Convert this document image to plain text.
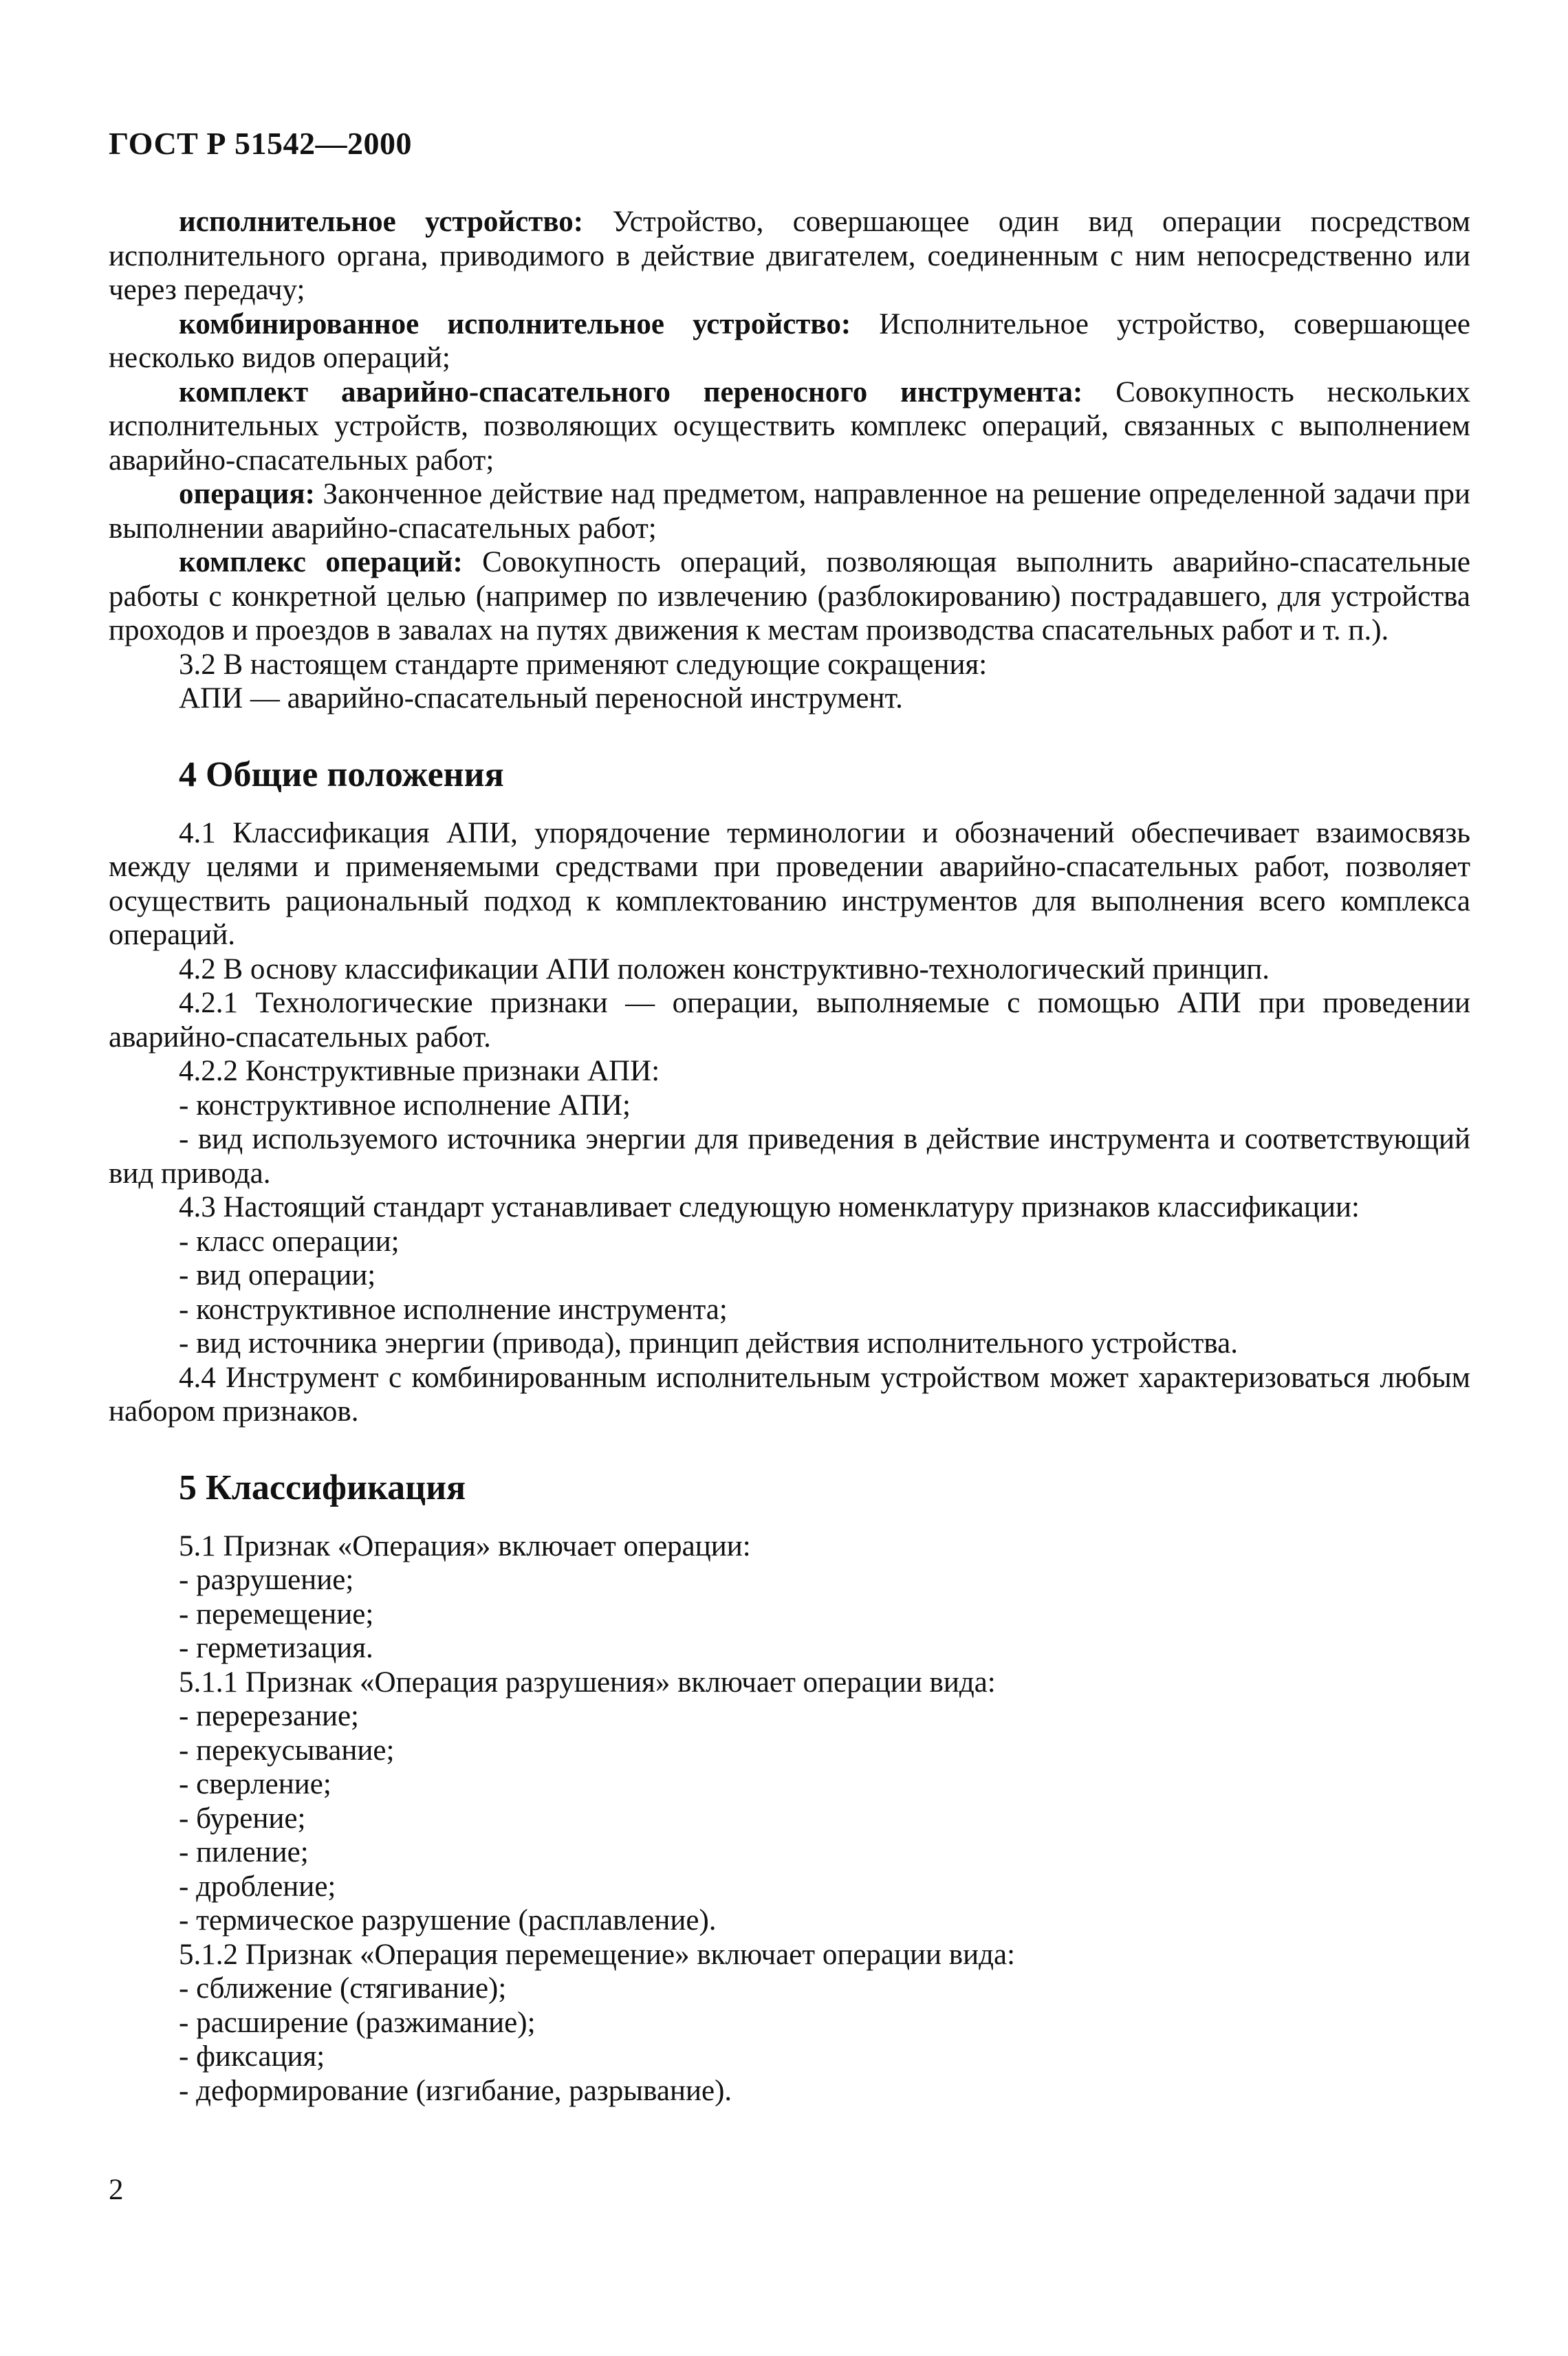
ГОСТ Р 51542—2000

исполнительное устройство: Устройство, совершающее один вид операции посредством исполнительного органа, приводимого в действие двигателем, соединенным с ним непосредственно или через передачу;

комбинированное исполнительное устройство: Исполнительное устройство, совершающее несколько видов операций;

комплект аварийно-спасательного переносного инструмента: Совокупность нескольких исполнительных устройств, позволяющих осуществить комплекс операций, связанных с выполнением аварийно-спасательных работ;

операция: Законченное действие над предметом, направленное на решение определенной задачи при выполнении аварийно-спасательных работ;

комплекс операций: Совокупность операций, позволяющая выполнить аварийно-спасательные работы с конкретной целью (например по извлечению (разблокированию) пострадавшего, для устройства проходов и проездов в завалах на путях движения к местам производства спасательных работ и т. п.).

3.2 В настоящем стандарте применяют следующие сокращения:

АПИ — аварийно-спасательный переносной инструмент.

4 Общие положения

4.1 Классификация АПИ, упорядочение терминологии и обозначений обеспечивает взаимосвязь между целями и применяемыми средствами при проведении аварийно-спасательных работ, позволяет осуществить рациональный подход к комплектованию инструментов для выполнения всего комплекса операций.

4.2 В основу классификации АПИ положен конструктивно-технологический принцип.

4.2.1 Технологические признаки — операции, выполняемые с помощью АПИ при проведении аварийно-спасательных работ.

4.2.2 Конструктивные признаки АПИ:

- конструктивное исполнение АПИ;

- вид используемого источника энергии для приведения в действие инструмента и соответствующий вид привода.

4.3 Настоящий стандарт устанавливает следующую номенклатуру признаков классификации:

- класс операции;

- вид операции;

- конструктивное исполнение инструмента;

- вид источника энергии (привода), принцип действия исполнительного устройства.

4.4 Инструмент с комбинированным исполнительным устройством может характеризоваться любым набором признаков.

5 Классификация

5.1 Признак «Операция» включает операции:

- разрушение;

- перемещение;

- герметизация.

5.1.1 Признак «Операция разрушения» включает операции вида:

- перерезание;

- перекусывание;

- сверление;

- бурение;

- пиление;

- дробление;

- термическое разрушение (расплавление).

5.1.2 Признак «Операция перемещение» включает операции вида:

- сближение (стягивание);

- расширение (разжимание);

- фиксация;

- деформирование (изгибание, разрывание).

2
